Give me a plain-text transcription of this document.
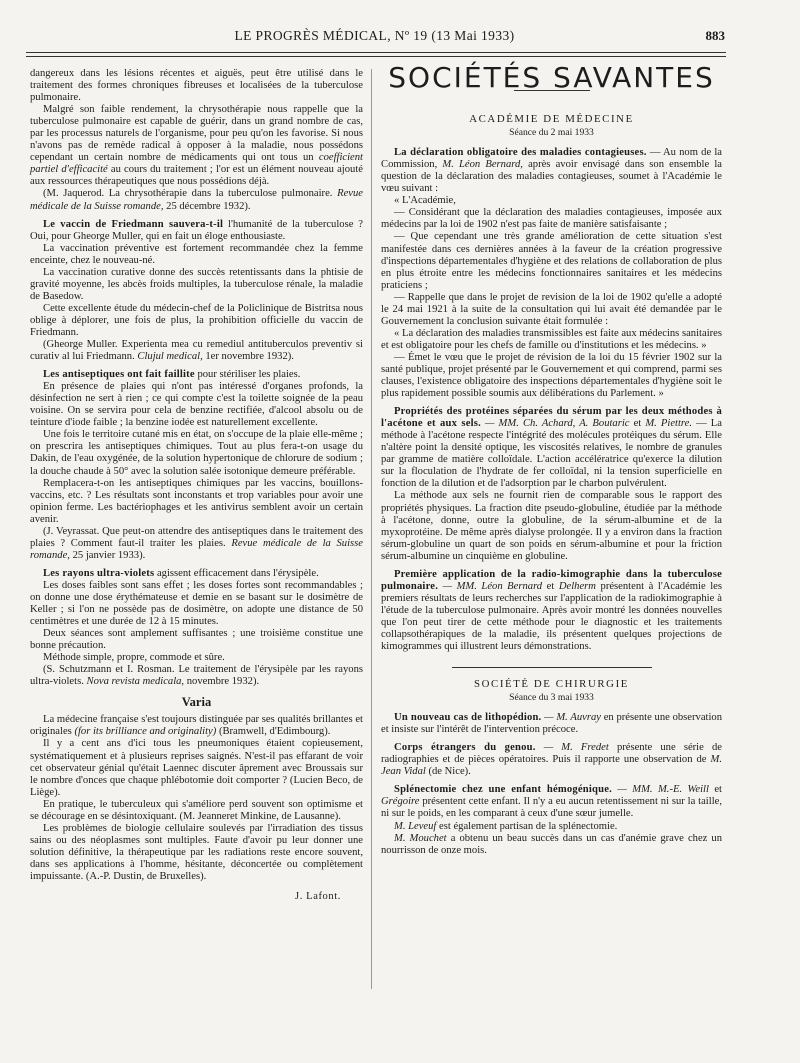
LE PROGRÈS MÉDICAL, Nº 19 (13 Mai 1933)	883

dangereux dans les lésions récentes et aiguës, peut être utilisé dans le traitement des formes chroniques fibreuses et localisées de la tuberculose pulmonaire.

Malgré son faible rendement, la chrysothérapie nous rappelle que la tuberculose pulmonaire est capable de guérir, dans un grand nombre de cas, par les processus naturels de l'organisme, pour peu qu'on les favorise. Si nous n'avons pas de remède radical à opposer à la maladie, nous possédons cependant un certain nombre de médicaments qui ont tous un coefficient partiel d'efficacité au cours du traitement ; l'or est un élément nouveau ajouté aux ressources thérapeutiques que nous possédions déjà.

(M. Jaquerod. La chrysothérapie dans la tuberculose pulmonaire. Revue médicale de la Suisse romande, 25 décembre 1932).

Le vaccin de Friedmann sauvera-t-il l'humanité de la tuberculose ? Oui, pour Gheorge Muller, qui en fait un éloge enthousiaste.

La vaccination préventive est fortement recommandée chez la femme enceinte, chez le nouveau-né.

La vaccination curative donne des succès retentissants dans la phtisie de gravité moyenne, les abcès froids multiples, la tuberculose rénale, la maladie de Basedow.

Cette excellente étude du médecin-chef de la Policlinique de Bistritsa nous oblige à déplorer, une fois de plus, la prohibition officielle du vaccin de Friedmann.

(Gheorge Muller. Experienta mea cu remediul antituberculos preventiv si curativ al lui Friedmann. Clujul medical, 1er novembre 1932).

Les antiseptiques ont fait faillite pour stériliser les plaies.

En présence de plaies qui n'ont pas intéressé d'organes profonds, la désinfection ne sert à rien ; ce qui compte c'est la toilette soignée de la peau voisine. On se servira pour cela de benzine rectifiée, d'alcool absolu ou de teinture d'iode faible ; la benzine iodée est naturellement excellente.

Une fois le territoire cutané mis en état, on s'occupe de la plaie elle-même ; on prescrira les antiseptiques chimiques. Tout au plus fera-t-on usage du Dakin, de l'eau oxygénée, de la solution hypertonique de chlorure de sodium ; la douche chaude à 50° avec la solution salée isotonique demeure préférable.

Remplacera-t-on les antiseptiques chimiques par les vaccins, bouillons-vaccins, etc. ? Les résultats sont inconstants et trop variables pour avoir une opinion ferme. Les bactériophages et les antivirus semblent avoir un certain avenir.

(J. Veyrassat. Que peut-on attendre des antiseptiques dans le traitement des plaies ? Comment faut-il traiter les plaies. Revue médicale de la Suisse romande, 25 janvier 1933).

Les rayons ultra-violets agissent efficacement dans l'érysipèle.

Les doses faibles sont sans effet ; les doses fortes sont recommandables ; on donne une dose érythémateuse et demie en se basant sur le dosimètre de Keller ; si l'on ne possède pas de dosimètre, on adopte une distance de 50 centimètres et une durée de 12 à 15 minutes.

Deux séances sont amplement suffisantes ; une troisième constitue une bonne précaution.

Méthode simple, propre, commode et sûre.

(S. Schutzmann et I. Rosman. Le traitement de l'érysipèle par les rayons ultra-violets. Nova revista medicala, novembre 1932).

Varia

La médecine française s'est toujours distinguée par ses qualités brillantes et originales (for its brilliance and originality) (Bramwell, d'Edimbourg).

Il y a cent ans d'ici tous les pneumoniques étaient copieusement, systématiquement et à plusieurs reprises saignés. N'est-il pas effarant de voir cet observateur génial qu'était Laennec discuter âprement avec Broussais sur le nombre d'onces que chaque phlébotomie doit comporter ? (Lucien Beco, de Liège).

En pratique, le tuberculeux qui s'améliore perd souvent son optimisme et se décourage en se désintoxiquant. (M. Jeanneret Minkine, de Lausanne).

Les problèmes de biologie cellulaire soulevés par l'irradiation des tissus sains ou des néoplasmes sont multiples. Faute d'avoir pu leur donner une solution définitive, la thérapeutique par les radiations reste encore souvent, dans ses applications à l'homme, hésitante, déconcertée ou complètement impuissante. (A.-P. Dustin, de Bruxelles).

J. Lafont.

SOCIÉTÉS SAVANTES

ACADÉMIE DE MÉDECINE

Séance du 2 mai 1933

La déclaration obligatoire des maladies contagieuses. — Au nom de la Commission, M. Léon Bernard, après avoir envisagé dans son ensemble la question de la déclaration des maladies contagieuses, soumet à l'Académie le vœu suivant :

« L'Académie,

— Considérant que la déclaration des maladies contagieuses, imposée aux médecins par la loi de 1902 n'est pas faite de manière satisfaisante ;

— Que cependant une très grande amélioration de cette situation s'est manifestée dans ces dernières années à la faveur de la création progressive d'inspections départementales d'hygiène et des relations de collaboration de plus en plus étroite entre les médecins fonctionnaires sanitaires et les médecins praticiens ;

— Rappelle que dans le projet de revision de la loi de 1902 qu'elle a adopté le 24 mai 1921 à la suite de la consultation qui lui avait été demandée par le Gouvernement la conclusion suivante était formulée :

« La déclaration des maladies transmissibles est faite aux médecins sanitaires et est obligatoire pour les chefs de famille ou d'institutions et les médecins. »

— Émet le vœu que le projet de révision de la loi du 15 février 1902 sur la santé publique, projet présenté par le Gouvernement et qui comprend, parmi ses clauses, l'existence obligatoire des inspections départementales d'hygiène soit le plus rapidement possible soumis aux délibérations du Parlement. »

Propriétés des protéines séparées du sérum par les deux méthodes à l'acétone et aux sels. — MM. Ch. Achard, A. Boutaric et M. Piettre. — La méthode à l'acétone respecte l'intégrité des molécules protéiques du sérum. Elle n'altère point la densité optique, les viscosités relatives, le nombre de granules par gramme de matière colloïdale. L'action accélératrice qu'exerce la dilution sur la floculation de l'hydrate de fer colloïdal, ni la tension superficielle en fonction de la dilution et de l'adsorption par le charbon pulvérulent.

La méthode aux sels ne fournit rien de comparable sous le rapport des propriétés physiques. La fraction dite pseudo-globuline, étudiée par la méthode à l'acétone, donne, outre la globuline, de la sérum-albumine et de la myxoprotéine. De même après dialyse prolongée. Il y a environ dans la fraction sérum-globuline un quart de son poids en sérum-albumine et pour la friction sérum-albumine un cinquième en globuline.

Première application de la radio-kimographie dans la tuberculose pulmonaire. — MM. Léon Bernard et Delherm présentent à l'Académie les premiers résultats de leurs recherches sur l'application de la radiokimographie à l'étude de la tuberculose pulmonaire. Après avoir montré les données nouvelles que l'on peut tirer de cette méthode pour le diagnostic et les traitements collapsothérapiques de la maladie, ils présentent quelques projections de kimogrammes qui illustrent leurs démonstrations.

SOCIÉTÉ DE CHIRURGIE

Séance du 3 mai 1933

Un nouveau cas de lithopédion. — M. Auvray en présente une observation et insiste sur l'intérêt de l'intervention précoce.

Corps étrangers du genou. — M. Fredet présente une série de radiographies et de pièces opératoires. Puis il rapporte une observation de M. Jean Vidal (de Nice).

Splénectomie chez une enfant hémogénique. — MM. M.-E. Weill et Grégoire présentent cette enfant. Il n'y a eu aucun retentissement ni sur la taille, ni sur le poids, en les comparant à ceux d'une sœur jumelle.

M. Leveuf est également partisan de la splénectomie.

M. Mouchet a obtenu un beau succès dans un cas d'anémie grave chez un nourrisson de onze mois.
